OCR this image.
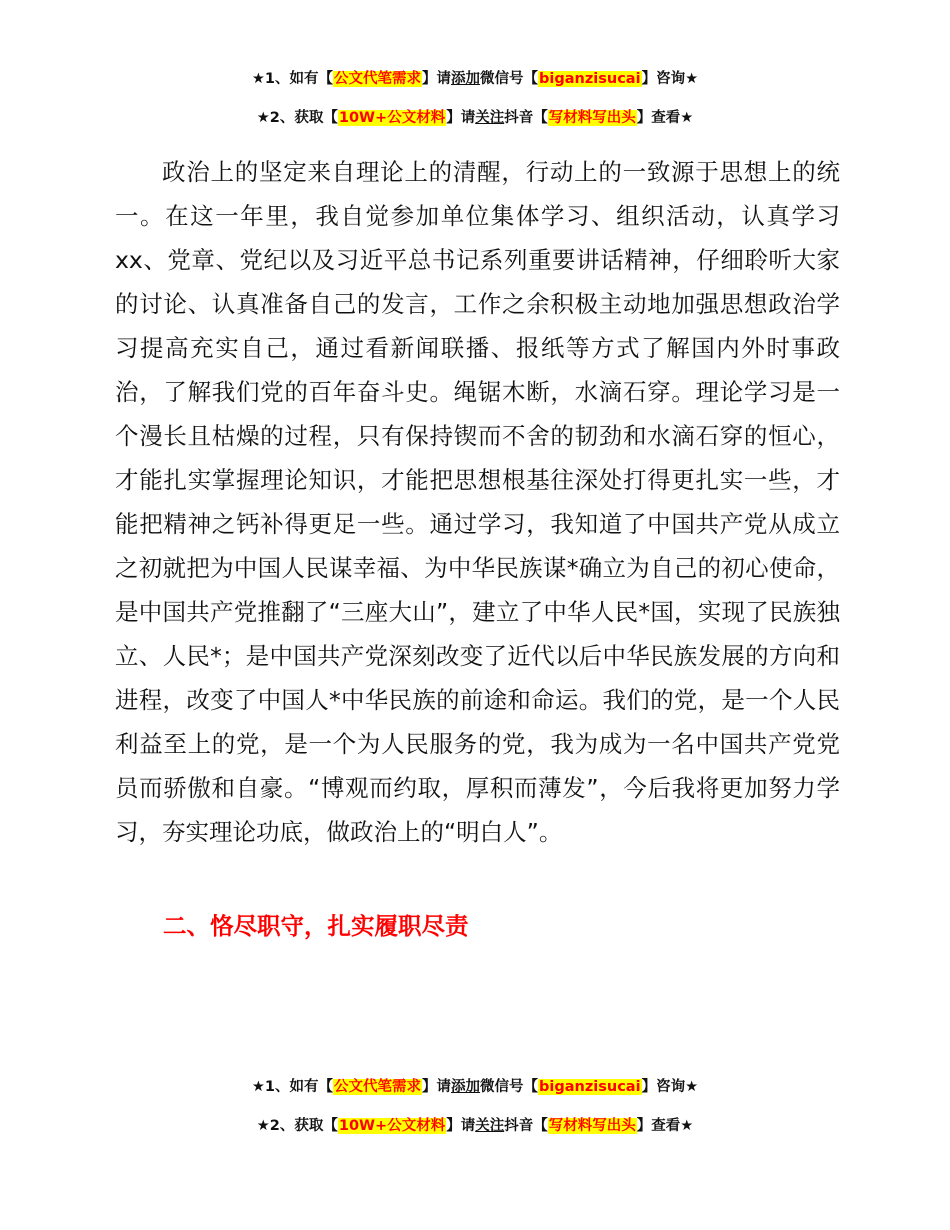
★1、如有【公文代笔需求】请添加微信号【biganzisucai】咨询★
★2、获取【10W+公文材料】请关注抖音【写材料写出头】查看★

政治上的坚定来自理论上的清醒，行动上的一致源于思想上的统一。在这一年里，我自觉参加单位集体学习、组织活动，认真学习xx、党章、党纪以及习近平总书记系列重要讲话精神，仔细聆听大家的讨论、认真准备自己的发言，工作之余积极主动地加强思想政治学习提高充实自己，通过看新闻联播、报纸等方式了解国内外时事政治，了解我们党的百年奋斗史。绳锯木断，水滴石穿。理论学习是一个漫长且枯燥的过程，只有保持锲而不舍的韧劲和水滴石穿的恒心，才能扎实掌握理论知识，才能把思想根基往深处打得更扎实一些，才能把精神之钙补得更足一些。通过学习，我知道了中国共产党从成立之初就把为中国人民谋幸福、为中华民族谋*确立为自己的初心使命，是中国共产党推翻了“三座大山”，建立了中华人民*国，实现了民族独立、人民*；是中国共产党深刻改变了近代以后中华民族发展的方向和进程，改变了中国人*中华民族的前途和命运。我们的党，是一个人民利益至上的党，是一个为人民服务的党，我为成为一名中国共产党党员而骄傲和自豪。“博观而约取，厚积而薄发”，今后我将更加努力学习，夯实理论功底，做政治上的“明白人”。

二、恪尽职守，扎实履职尽责
★1、如有【公文代笔需求】请添加微信号【biganzisucai】咨询★
★2、获取【10W+公文材料】请关注抖音【写材料写出头】查看★
